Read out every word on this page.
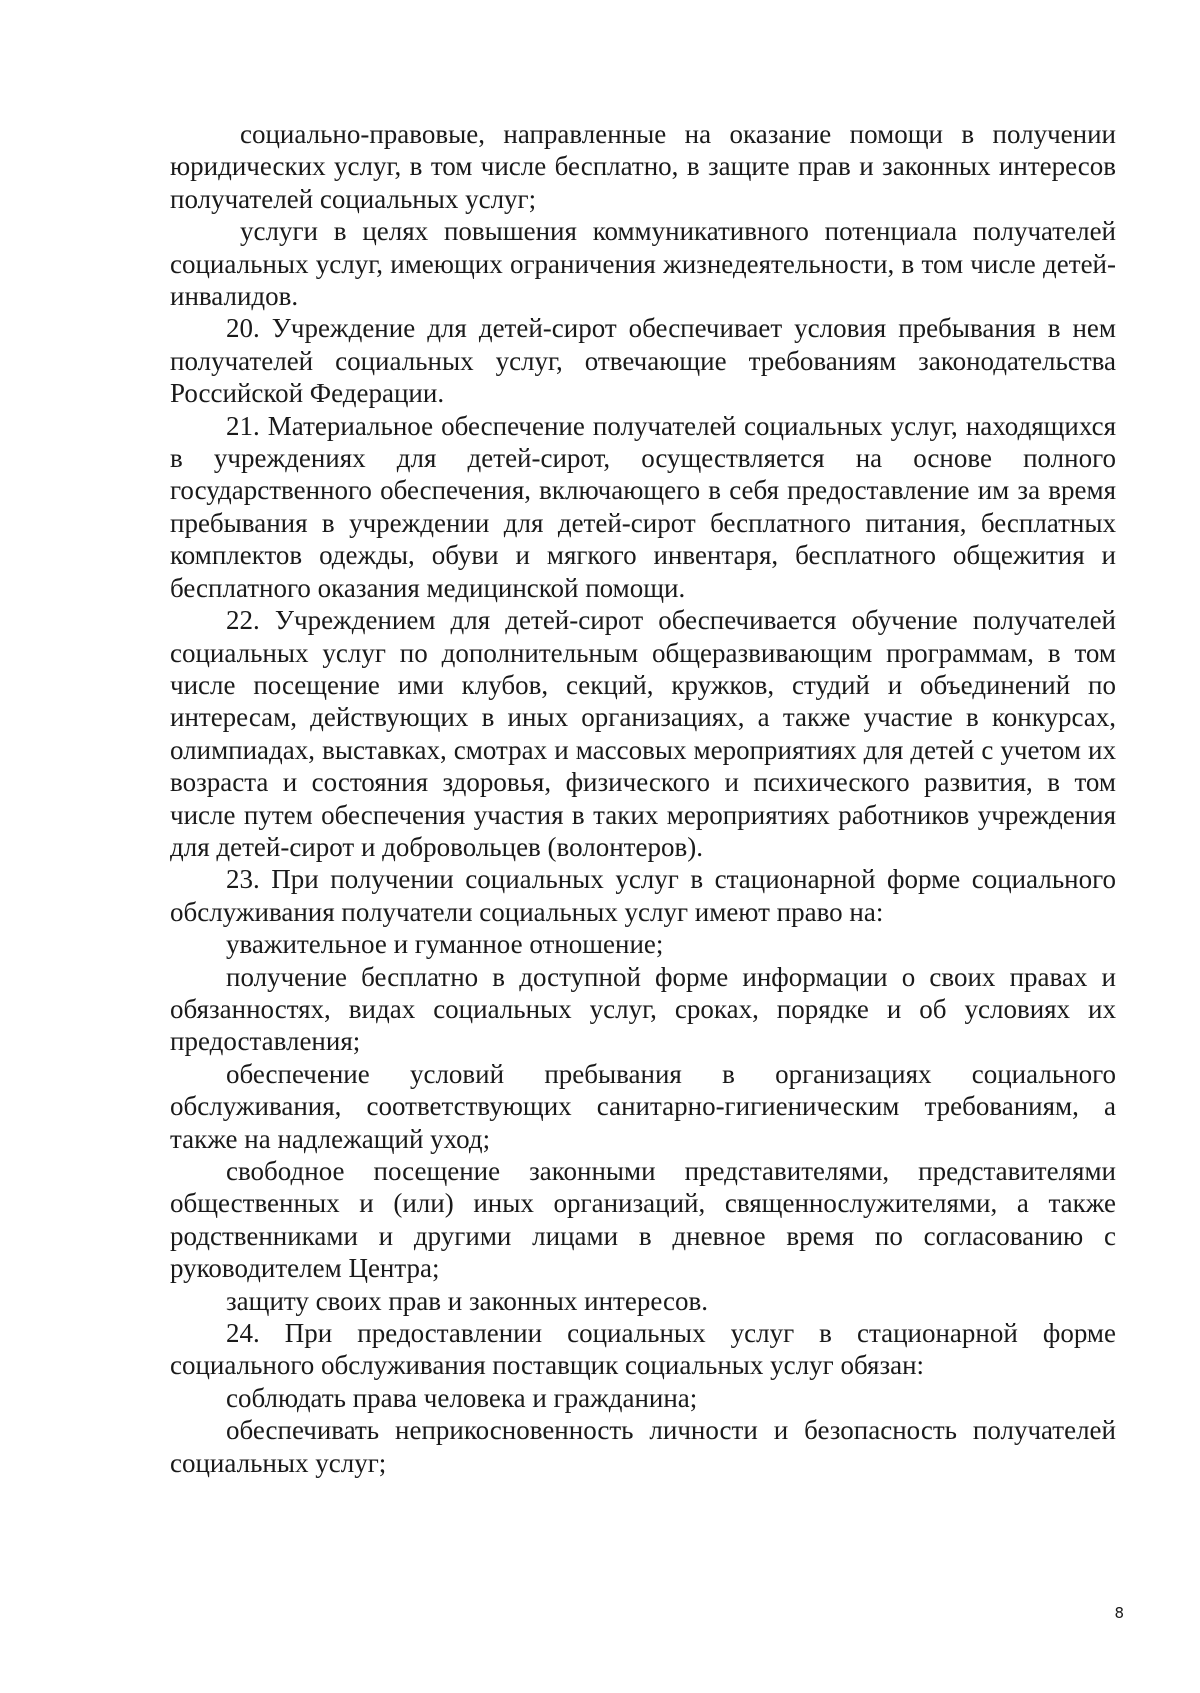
социально-правовые, направленные на оказание помощи в получении юридических услуг, в том числе бесплатно, в защите прав и законных интересов получателей социальных услуг;

услуги в целях повышения коммуникативного потенциала получателей социальных услуг, имеющих ограничения жизнедеятельности, в том числе детей-инвалидов.

20. Учреждение для детей-сирот обеспечивает условия пребывания в нем получателей социальных услуг, отвечающие требованиям законодательства Российской Федерации.

21. Материальное обеспечение получателей социальных услуг, находящихся в учреждениях для детей-сирот, осуществляется на основе полного государственного обеспечения, включающего в себя предоставление им за время пребывания в учреждении для детей-сирот бесплатного питания, бесплатных комплектов одежды, обуви и мягкого инвентаря, бесплатного общежития и бесплатного оказания медицинской помощи.

22. Учреждением для детей-сирот обеспечивается обучение получателей социальных услуг по дополнительным общеразвивающим программам, в том числе посещение ими клубов, секций, кружков, студий и объединений по интересам, действующих в иных организациях, а также участие в конкурсах, олимпиадах, выставках, смотрах и массовых мероприятиях для детей с учетом их возраста и состояния здоровья, физического и психического развития, в том числе путем обеспечения участия в таких мероприятиях работников учреждения для детей-сирот и добровольцев (волонтеров).

23. При получении социальных услуг в стационарной форме социального обслуживания получатели социальных услуг имеют право на:

уважительное и гуманное отношение;

получение бесплатно в доступной форме информации о своих правах и обязанностях, видах социальных услуг, сроках, порядке и об условиях их предоставления;

обеспечение условий пребывания в организациях социального обслуживания, соответствующих санитарно-гигиеническим требованиям, а также на надлежащий уход;

свободное посещение законными представителями, представителями общественных и (или) иных организаций, священнослужителями, а также родственниками и другими лицами в дневное время по согласованию с руководителем Центра;

защиту своих прав и законных интересов.

24. При предоставлении социальных услуг в стационарной форме социального обслуживания поставщик социальных услуг обязан:

соблюдать права человека и гражданина;

обеспечивать неприкосновенность личности и безопасность получателей социальных услуг;

8
